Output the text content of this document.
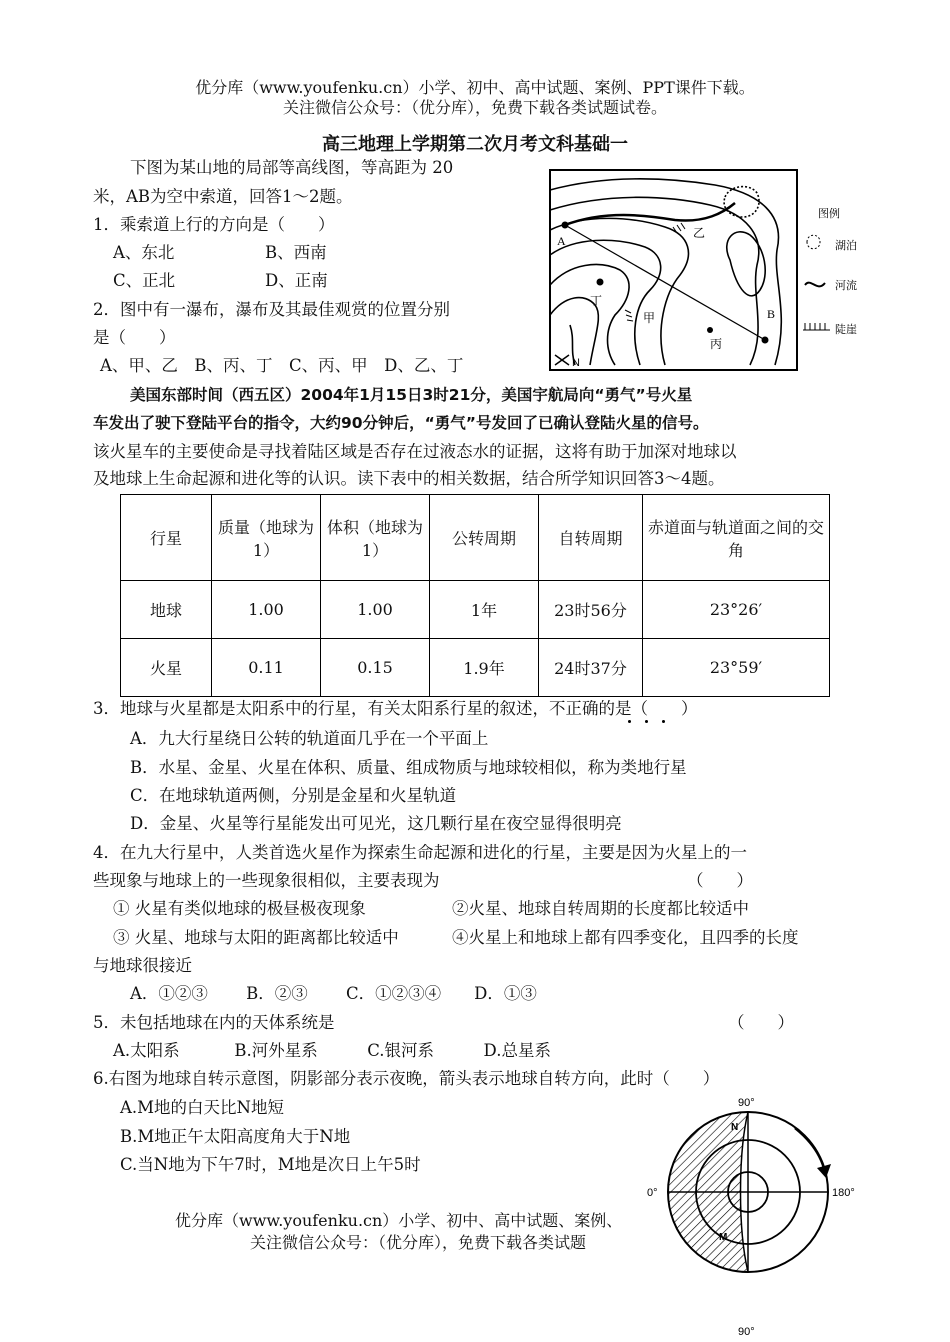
优分库（www.youfenku.cn）小学、初中、高中试题、案例、PPT课件下载。
关注微信公众号：（优分库），免费下载各类试题试卷。
高三地理上学期第二次月考文科基础一
下图为某山地的局部等高线图，等高距为 20
米，AB为空中索道，回答1～2题。
1．乘索道上行的方向是（　　）
A、东北	B、西南
C、正北	D、正南
2．图中有一瀑布，瀑布及其最佳观赏的位置分别
是（　　）
A、甲、乙　B、丙、丁　C、丙、甲　D、乙、丁
A
B
甲
乙
丙
丁
N
图例
湖泊
河流
陡崖
美国东部时间（西五区）2004年1月15日3时21分，美国宇航局向“勇气”号火星
车发出了驶下登陆平台的指令，大约90分钟后，“勇气”号发回了已确认登陆火星的信号。
该火星车的主要使命是寻找着陆区域是否存在过液态水的证据，这将有助于加深对地球以
及地球上生命起源和进化等的认识。读下表中的相关数据，结合所学知识回答3～4题。
行星	质量（地球为1）	体积（地球为1）	公转周期	自转周期	赤道面与轨道面之间的交角
地球	1.00	1.00	1年	23时56分	23°26′
火星	0.11	0.15	1.9年	24时37分	23°59′
3．地球与火星都是太阳系中的行星，有关太阳系行星的叙述，不正确的是（　　）
A．九大行星绕日公转的轨道面几乎在一个平面上
B．水星、金星、火星在体积、质量、组成物质与地球较相似，称为类地行星
C．在地球轨道两侧，分别是金星和火星轨道
D．金星、火星等行星能发出可见光，这几颗行星在夜空显得很明亮
4．在九大行星中，人类首选火星作为探索生命起源和进化的行星，主要是因为火星上的一
些现象与地球上的一些现象很相似，主要表现为	（　　）
① 火星有类似地球的极昼极夜现象	②火星、地球自转周期的长度都比较适中
③ 火星、地球与太阳的距离都比较适中	④火星上和地球上都有四季变化，且四季的长度
与地球很接近
A．①②③　　 B．②③　　 C．①②③④　　D．①③
5．未包括地球在内的天体系统是	（　　）
A.太阳系　　　 B.河外星系　　　C.银河系　　　D.总星系
6.右图为地球自转示意图，阴影部分表示夜晚，箭头表示地球自转方向，此时（　　）
A.M地的白天比N地短
B.M地正午太阳高度角大于N地
C.当N地为下午7时，M地是次日上午5时
90°
90°
0°	180°
N
M
优分库（www.youfenku.cn）小学、初中、高中试题、案例、
关注微信公众号：（优分库），免费下载各类试题
